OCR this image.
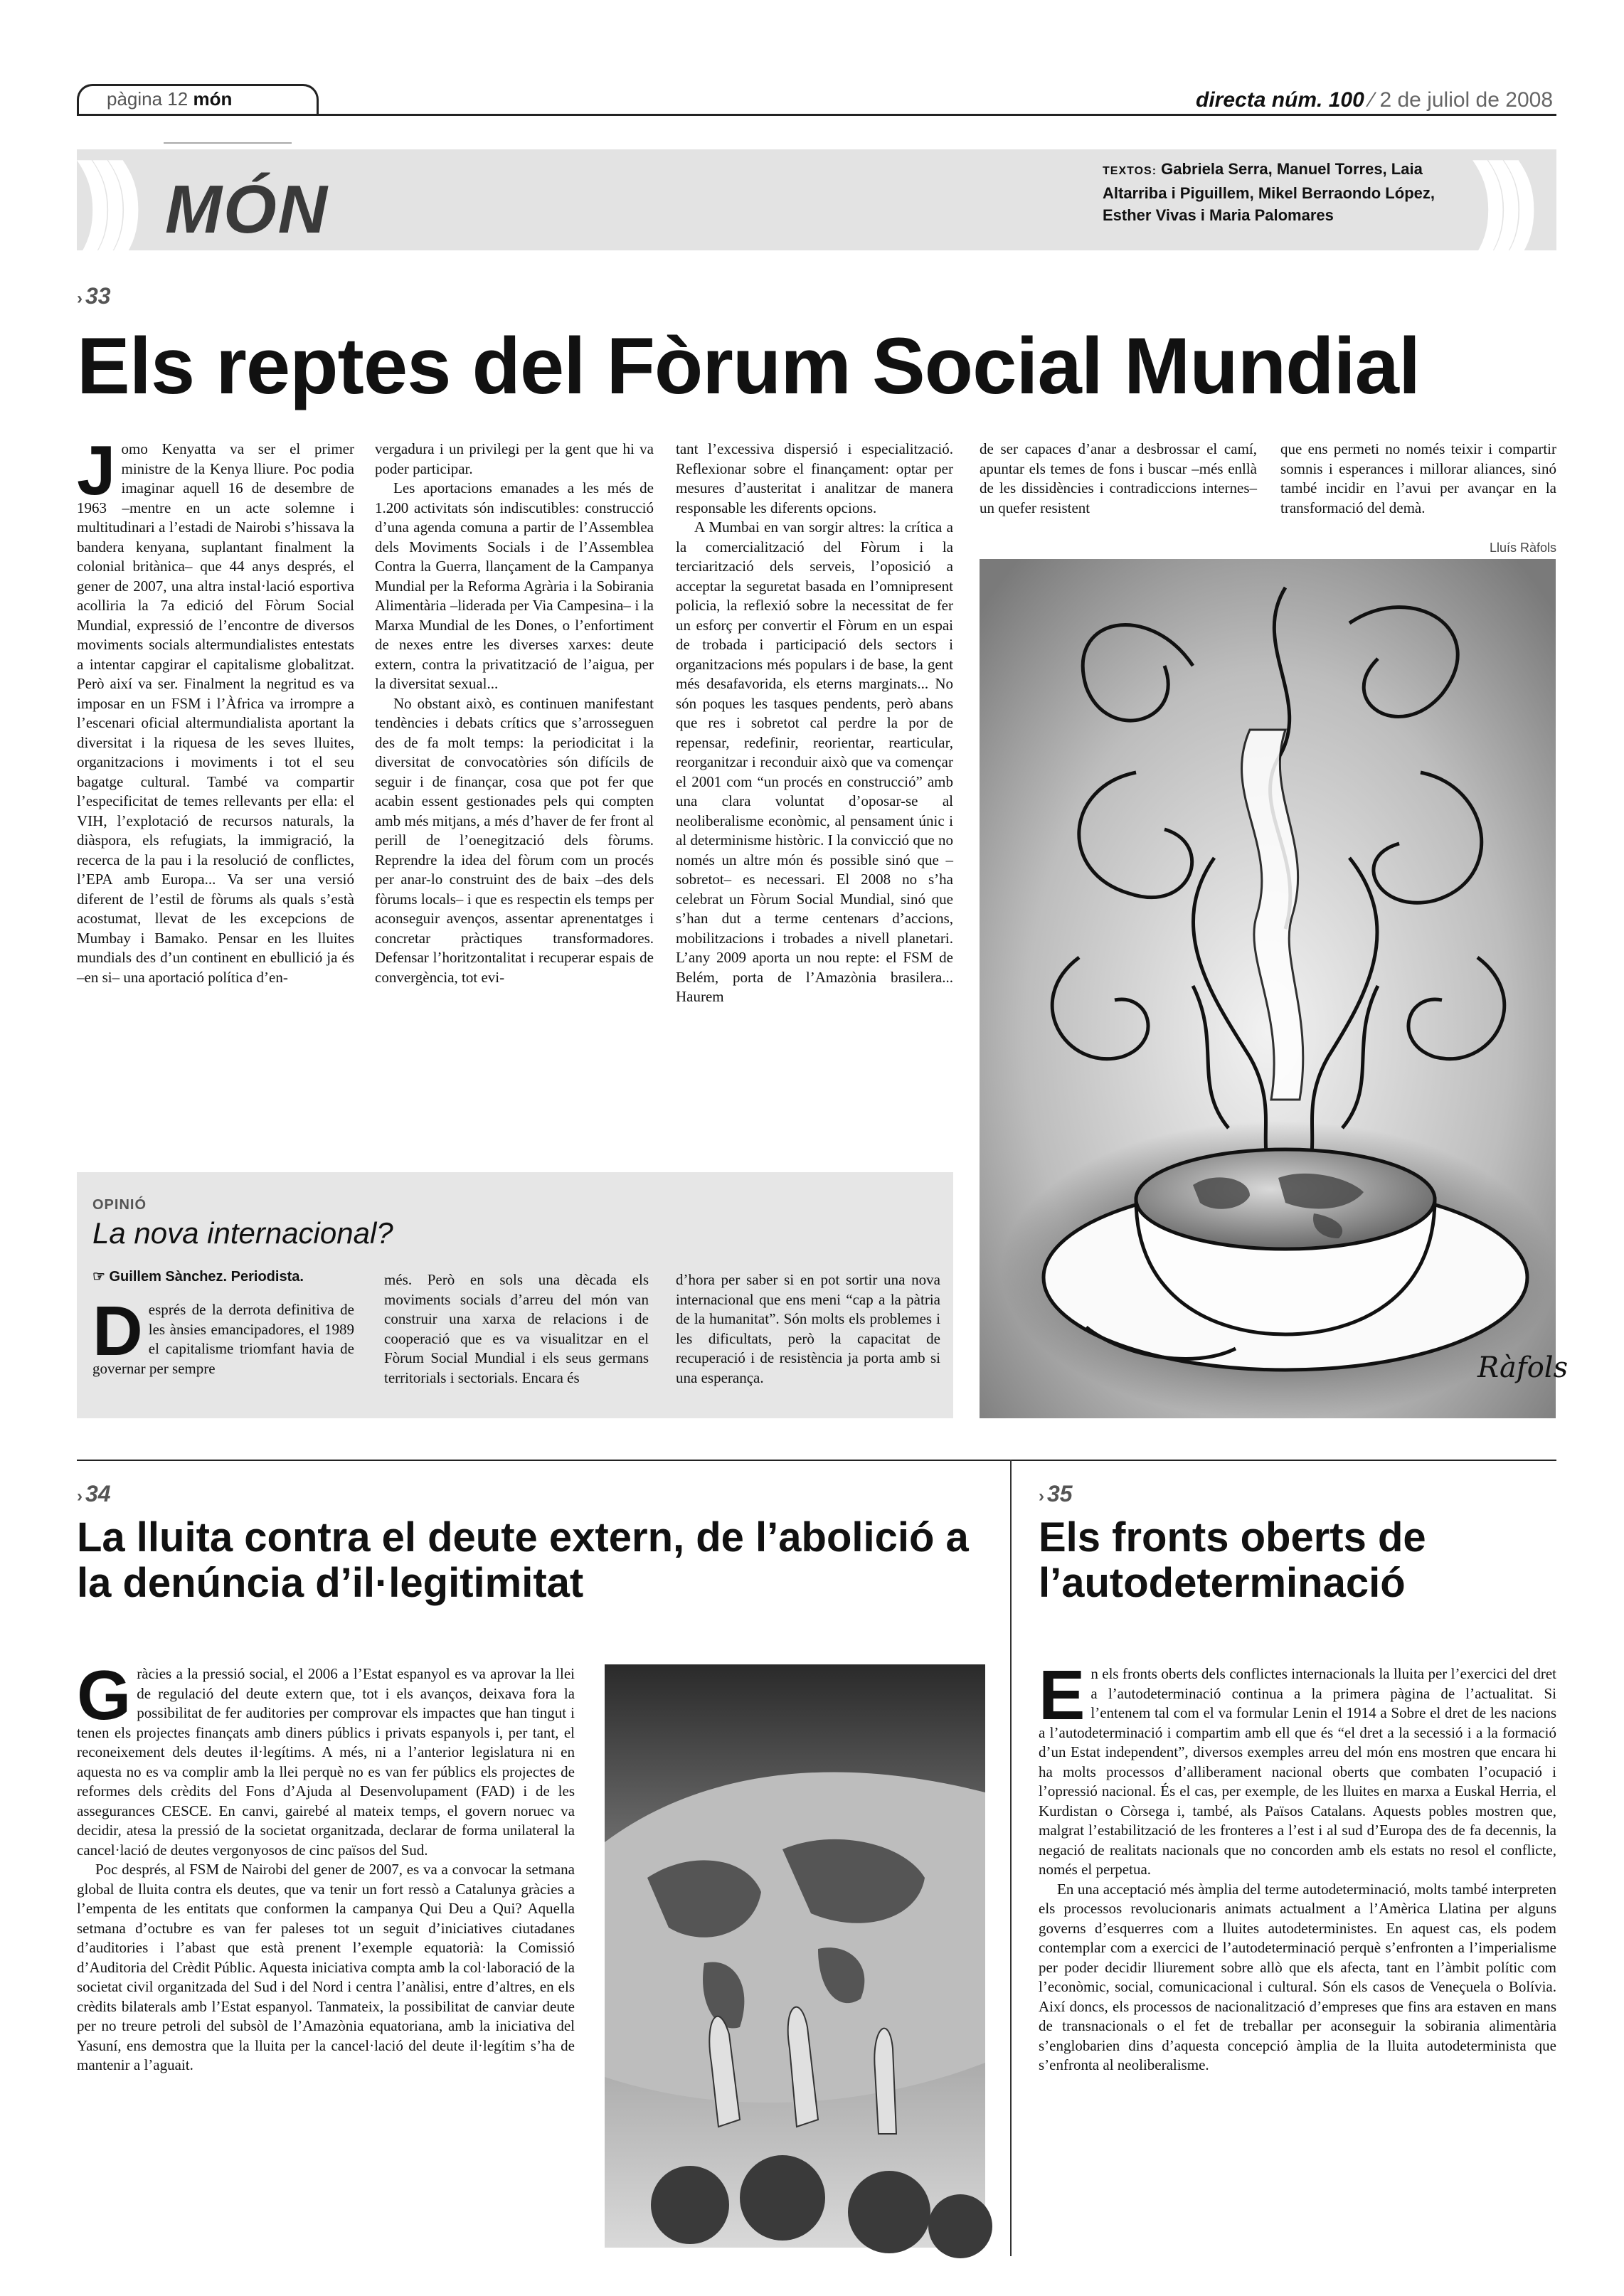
pàgina 12 món	directa núm. 100 ⁄ 2 de juliol de 2008
)))	)))
MÓN
TEXTOS: Gabriela Serra, Manuel Torres, Laia Altarriba i Piguillem, Mikel Berraondo López, Esther Vivas i Maria Palomares
› 33
Els reptes del Fòrum Social Mundial

Jomo Kenyatta va ser el primer ministre de la Kenya lliure. Poc podia imaginar aquell 16 de desembre de 1963 –mentre en un acte solemne i multitudinari a l’estadi de Nairobi s’hissava la bandera kenyana, suplantant finalment la colonial britànica– que 44 anys després, el gener de 2007, una altra instal·lació esportiva acolliria la 7a edició del Fòrum Social Mundial, expressió de l’encontre de diversos moviments socials altermundialistes entestats a intentar capgirar el capitalisme globalitzat. Però així va ser. Finalment la negritud es va imposar en un FSM i l’Àfrica va irrompre a l’escenari oficial altermundialista aportant la diversitat i la riquesa de les seves lluites, organitzacions i moviments i tot el seu bagatge cultural. També va compartir l’especificitat de temes rellevants per ella: el VIH, l’explotació de recursos naturals, la diàspora, els refugiats, la immigració, la recerca de la pau i la resolució de conflictes, l’EPA amb Europa... Va ser una versió diferent de l’estil de fòrums als quals s’està acostumat, llevat de les excepcions de Mumbay i Bamako. Pensar en les lluites mundials des d’un continent en ebullició ja és –en si– una aportació política d’en-

vergadura i un privilegi per la gent que hi va poder participar.

Les aportacions emanades a les més de 1.200 activitats són indiscutibles: construcció d’una agenda comuna a partir de l’Assemblea dels Moviments Socials i de l’Assemblea Contra la Guerra, llançament de la Campanya Mundial per la Reforma Agrària i la Sobirania Alimentària –liderada per Via Campesina– i la Marxa Mundial de les Dones, o l’enfortiment de nexes entre les diverses xarxes: deute extern, contra la privatització de l’aigua, per la diversitat sexual...

No obstant això, es continuen manifestant tendències i debats crítics que s’arrosseguen des de fa molt temps: la periodicitat i la diversitat de convocatòries són difícils de seguir i de finançar, cosa que pot fer que acabin essent gestionades pels qui compten amb més mitjans, a més d’haver de fer front al perill de l’oenegització dels fòrums. Reprendre la idea del fòrum com un procés per anar-lo construint des de baix –des dels fòrums locals– i que es respectin els temps per aconseguir avenços, assentar aprenentatges i concretar pràctiques transformadores. Defensar l’horitzontalitat i recuperar espais de convergència, tot evi-

tant l’excessiva dispersió i especialització. Reflexionar sobre el finançament: optar per mesures d’austeritat i analitzar de manera responsable les diferents opcions.

A Mumbai en van sorgir altres: la crítica a la comercialització del Fòrum i la terciarització dels serveis, l’oposició a acceptar la seguretat basada en l’omnipresent policia, la reflexió sobre la necessitat de fer un esforç per convertir el Fòrum en un espai de trobada i participació dels sectors i organitzacions més populars i de base, la gent més desafavorida, els eterns marginats... No són poques les tasques pendents, però abans que res i sobretot cal perdre la por de repensar, redefinir, reorientar, rearticular, reorganitzar i reconduir això que va començar el 2001 com “un procés en construcció” amb una clara voluntat d’oposar-se al neoliberalisme econòmic, al pensament únic i al determinisme històric. I la convicció que no només un altre món és possible sinó que –sobretot– es necessari. El 2008 no s’ha celebrat un Fòrum Social Mundial, sinó que s’han dut a terme centenars d’accions, mobilitzacions i trobades a nivell planetari. L’any 2009 aporta un nou repte: el FSM de Belém, porta de l’Amazònia brasilera... Haurem

de ser capaces d’anar a desbrossar el camí, apuntar els temes de fons i buscar –més enllà de les dissidències i contradiccions internes– un quefer resistent

que ens permeti no només teixir i compartir somnis i esperances i millorar aliances, sinó també incidir en l’avui per avançar en la transformació del demà.

Lluís Ràfols
Ràfols
OPINIÓ
La nova internacional?
☞ Guillem Sànchez. Periodista.

Després de la derrota definitiva de les ànsies emancipadores, el 1989 el capitalisme triomfant havia de governar per sempre

més. Però en sols una dècada els moviments socials d’arreu del món van construir una xarxa de relacions i de cooperació que es va visualitzar en el Fòrum Social Mundial i els seus germans territorials i sectorials. Encara és

d’hora per saber si en pot sortir una nova internacional que ens meni “cap a la pàtria de la humanitat”. Són molts els problemes i les dificultats, però la capacitat de recuperació i de resistència ja porta amb si una esperança.

› 34
La lluita contra el deute extern, de l’abolició a la denúncia d’il·legitimitat

Gràcies a la pressió social, el 2006 a l’Estat espanyol es va aprovar la llei de regulació del deute extern que, tot i els avanços, deixava fora la possibilitat de fer auditories per comprovar els impactes que han tingut i tenen els projectes finançats amb diners públics i privats espanyols i, per tant, el reconeixement dels deutes il·legítims. A més, ni a l’anterior legislatura ni en aquesta no es va complir amb la llei perquè no es van fer públics els projectes de reformes dels crèdits del Fons d’Ajuda al Desenvolupament (FAD) i de les assegurances CESCE. En canvi, gairebé al mateix temps, el govern noruec va decidir, atesa la pressió de la societat organitzada, declarar de forma unilateral la cancel·lació de deutes vergonyosos de cinc països del Sud.

Poc després, al FSM de Nairobi del gener de 2007, es va a convocar la setmana global de lluita contra els deutes, que va tenir un fort ressò a Catalunya gràcies a l’empenta de les entitats que conformen la campanya Qui Deu a Qui? Aquella setmana d’octubre es van fer paleses tot un seguit d’iniciatives ciutadanes d’auditories i l’abast que està prenent l’exemple equatorià: la Comissió d’Auditoria del Crèdit Públic. Aquesta iniciativa compta amb la col·laboració de la societat civil organitzada del Sud i del Nord i centra l’anàlisi, entre d’altres, en els crèdits bilaterals amb l’Estat espanyol. Tanmateix, la possibilitat de canviar deute per no treure petroli del subsòl de l’Amazònia equatoriana, amb la iniciativa del Yasuní, ens demostra que la lluita per la cancel·lació del deute il·legítim s’ha de mantenir a l’aguait.

› 35
Els fronts oberts de l’autodeterminació

En els fronts oberts dels conflictes internacionals la lluita per l’exercici del dret a l’autodeterminació continua a la primera pàgina de l’actualitat. Si l’entenem tal com el va formular Lenin el 1914 a Sobre el dret de les nacions a l’autodeterminació i compartim amb ell que és “el dret a la secessió i a la formació d’un Estat independent”, diversos exemples arreu del món ens mostren que encara hi ha molts processos d’alliberament nacional oberts que combaten l’ocupació i l’opressió nacional. És el cas, per exemple, de les lluites en marxa a Euskal Herria, el Kurdistan o Còrsega i, també, als Països Catalans. Aquests pobles mostren que, malgrat l’estabilització de les fronteres a l’est i al sud d’Europa des de fa decennis, la negació de realitats nacionals que no concorden amb els estats no resol el conflicte, només el perpetua.

En una acceptació més àmplia del terme autodeterminació, molts també interpreten els processos revolucionaris animats actualment a l’Amèrica Llatina per alguns governs d’esquerres com a lluites autodeterministes. En aquest cas, els podem contemplar com a exercici de l’autodeterminació perquè s’enfronten a l’imperialisme per poder decidir lliurement sobre allò que els afecta, tant en l’àmbit polític com l’econòmic, social, comunicacional i cultural. Són els casos de Veneçuela o Bolívia. Així doncs, els processos de nacionalització d’empreses que fins ara estaven en mans de transnacionals o el fet de treballar per aconseguir la sobirania alimentària s’englobarien dins d’aquesta concepció àmplia de la lluita autodeterminista que s’enfronta al neoliberalisme.
